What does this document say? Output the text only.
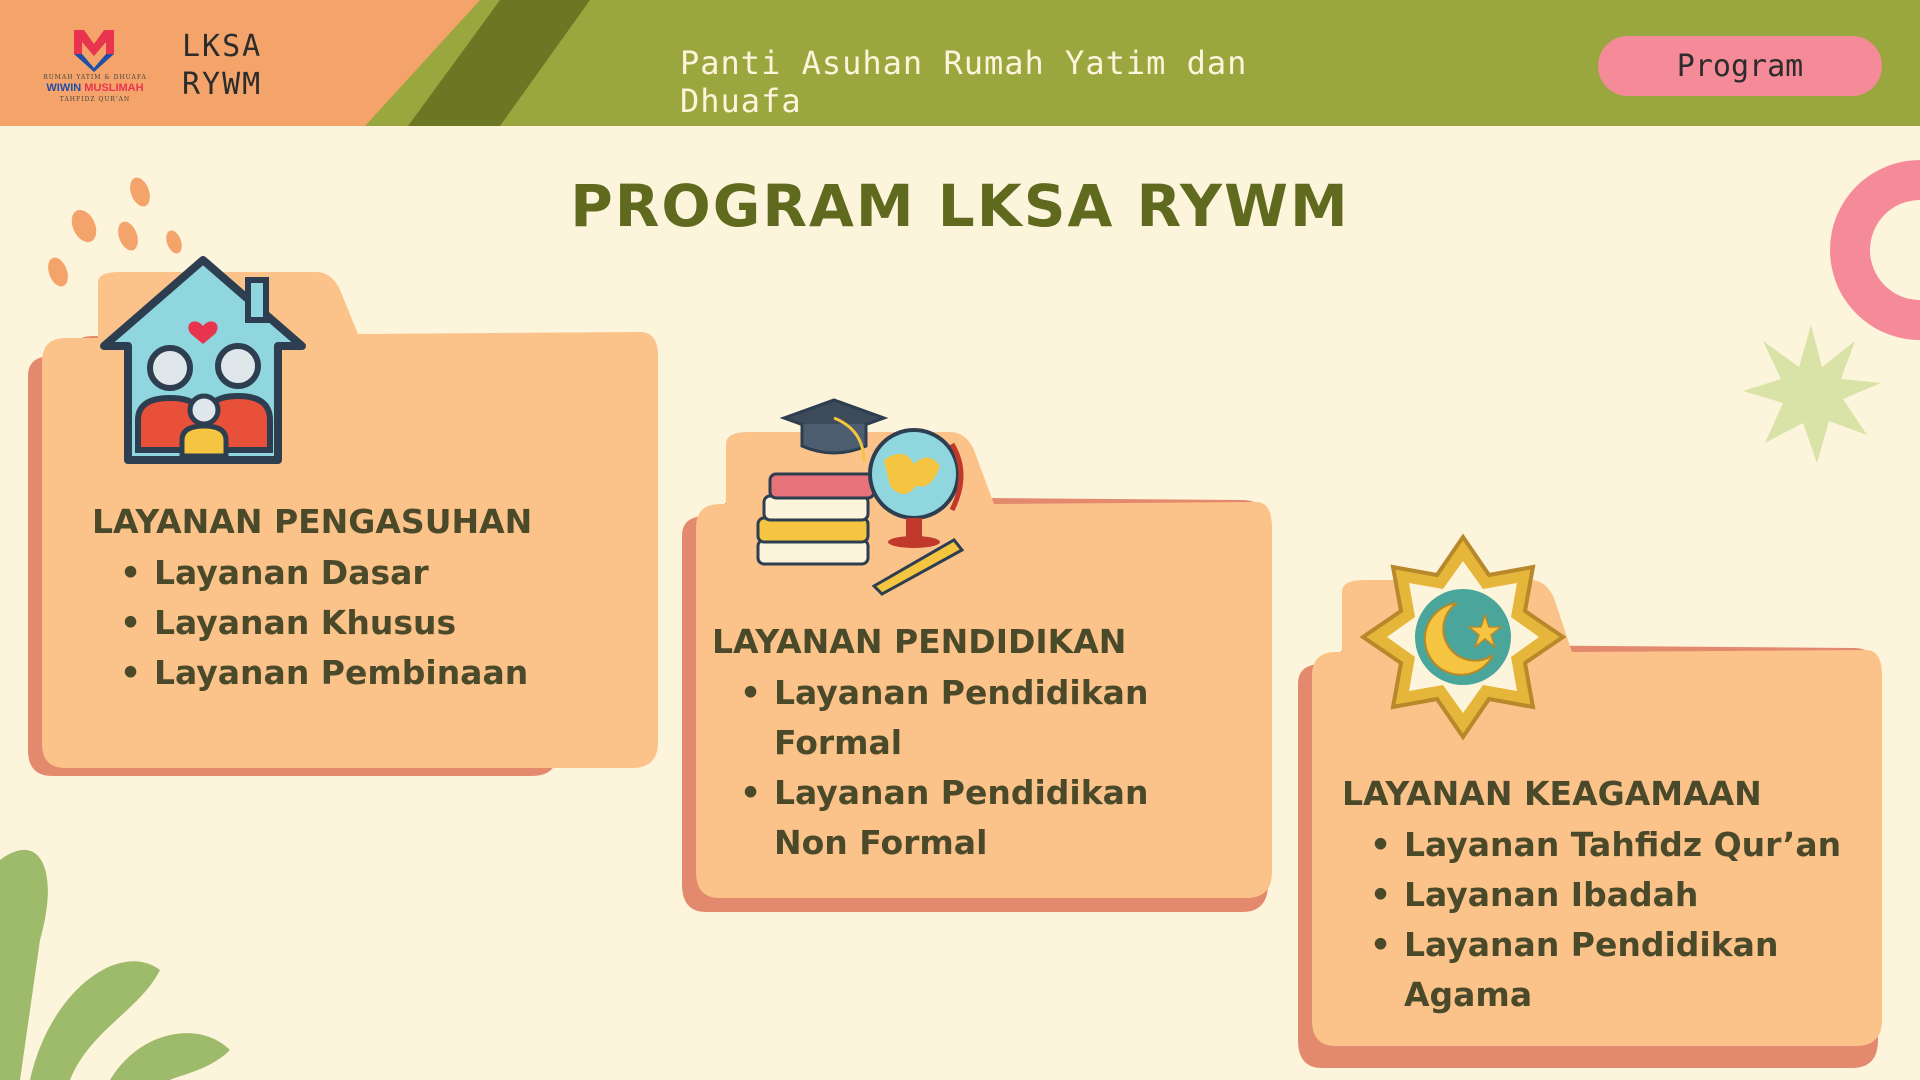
RUMAH YATIM & DHUAFA
WIWIN MUSLIMAH
TAHFIDZ QUR'AN
LKSA
RYWM
Panti Asuhan Rumah Yatim dan Dhuafa
Program
PROGRAM LKSA RYWM
LAYANAN PENGASUHAN
• Layanan Dasar
• Layanan Khusus
• Layanan Pembinaan
LAYANAN PENDIDIKAN
• Layanan Pendidikan Formal
• Layanan Pendidikan Non Formal
LAYANAN KEAGAMAAN
• Layanan Tahfidz Qur’an
• Layanan Ibadah
• Layanan Pendidikan Agama
